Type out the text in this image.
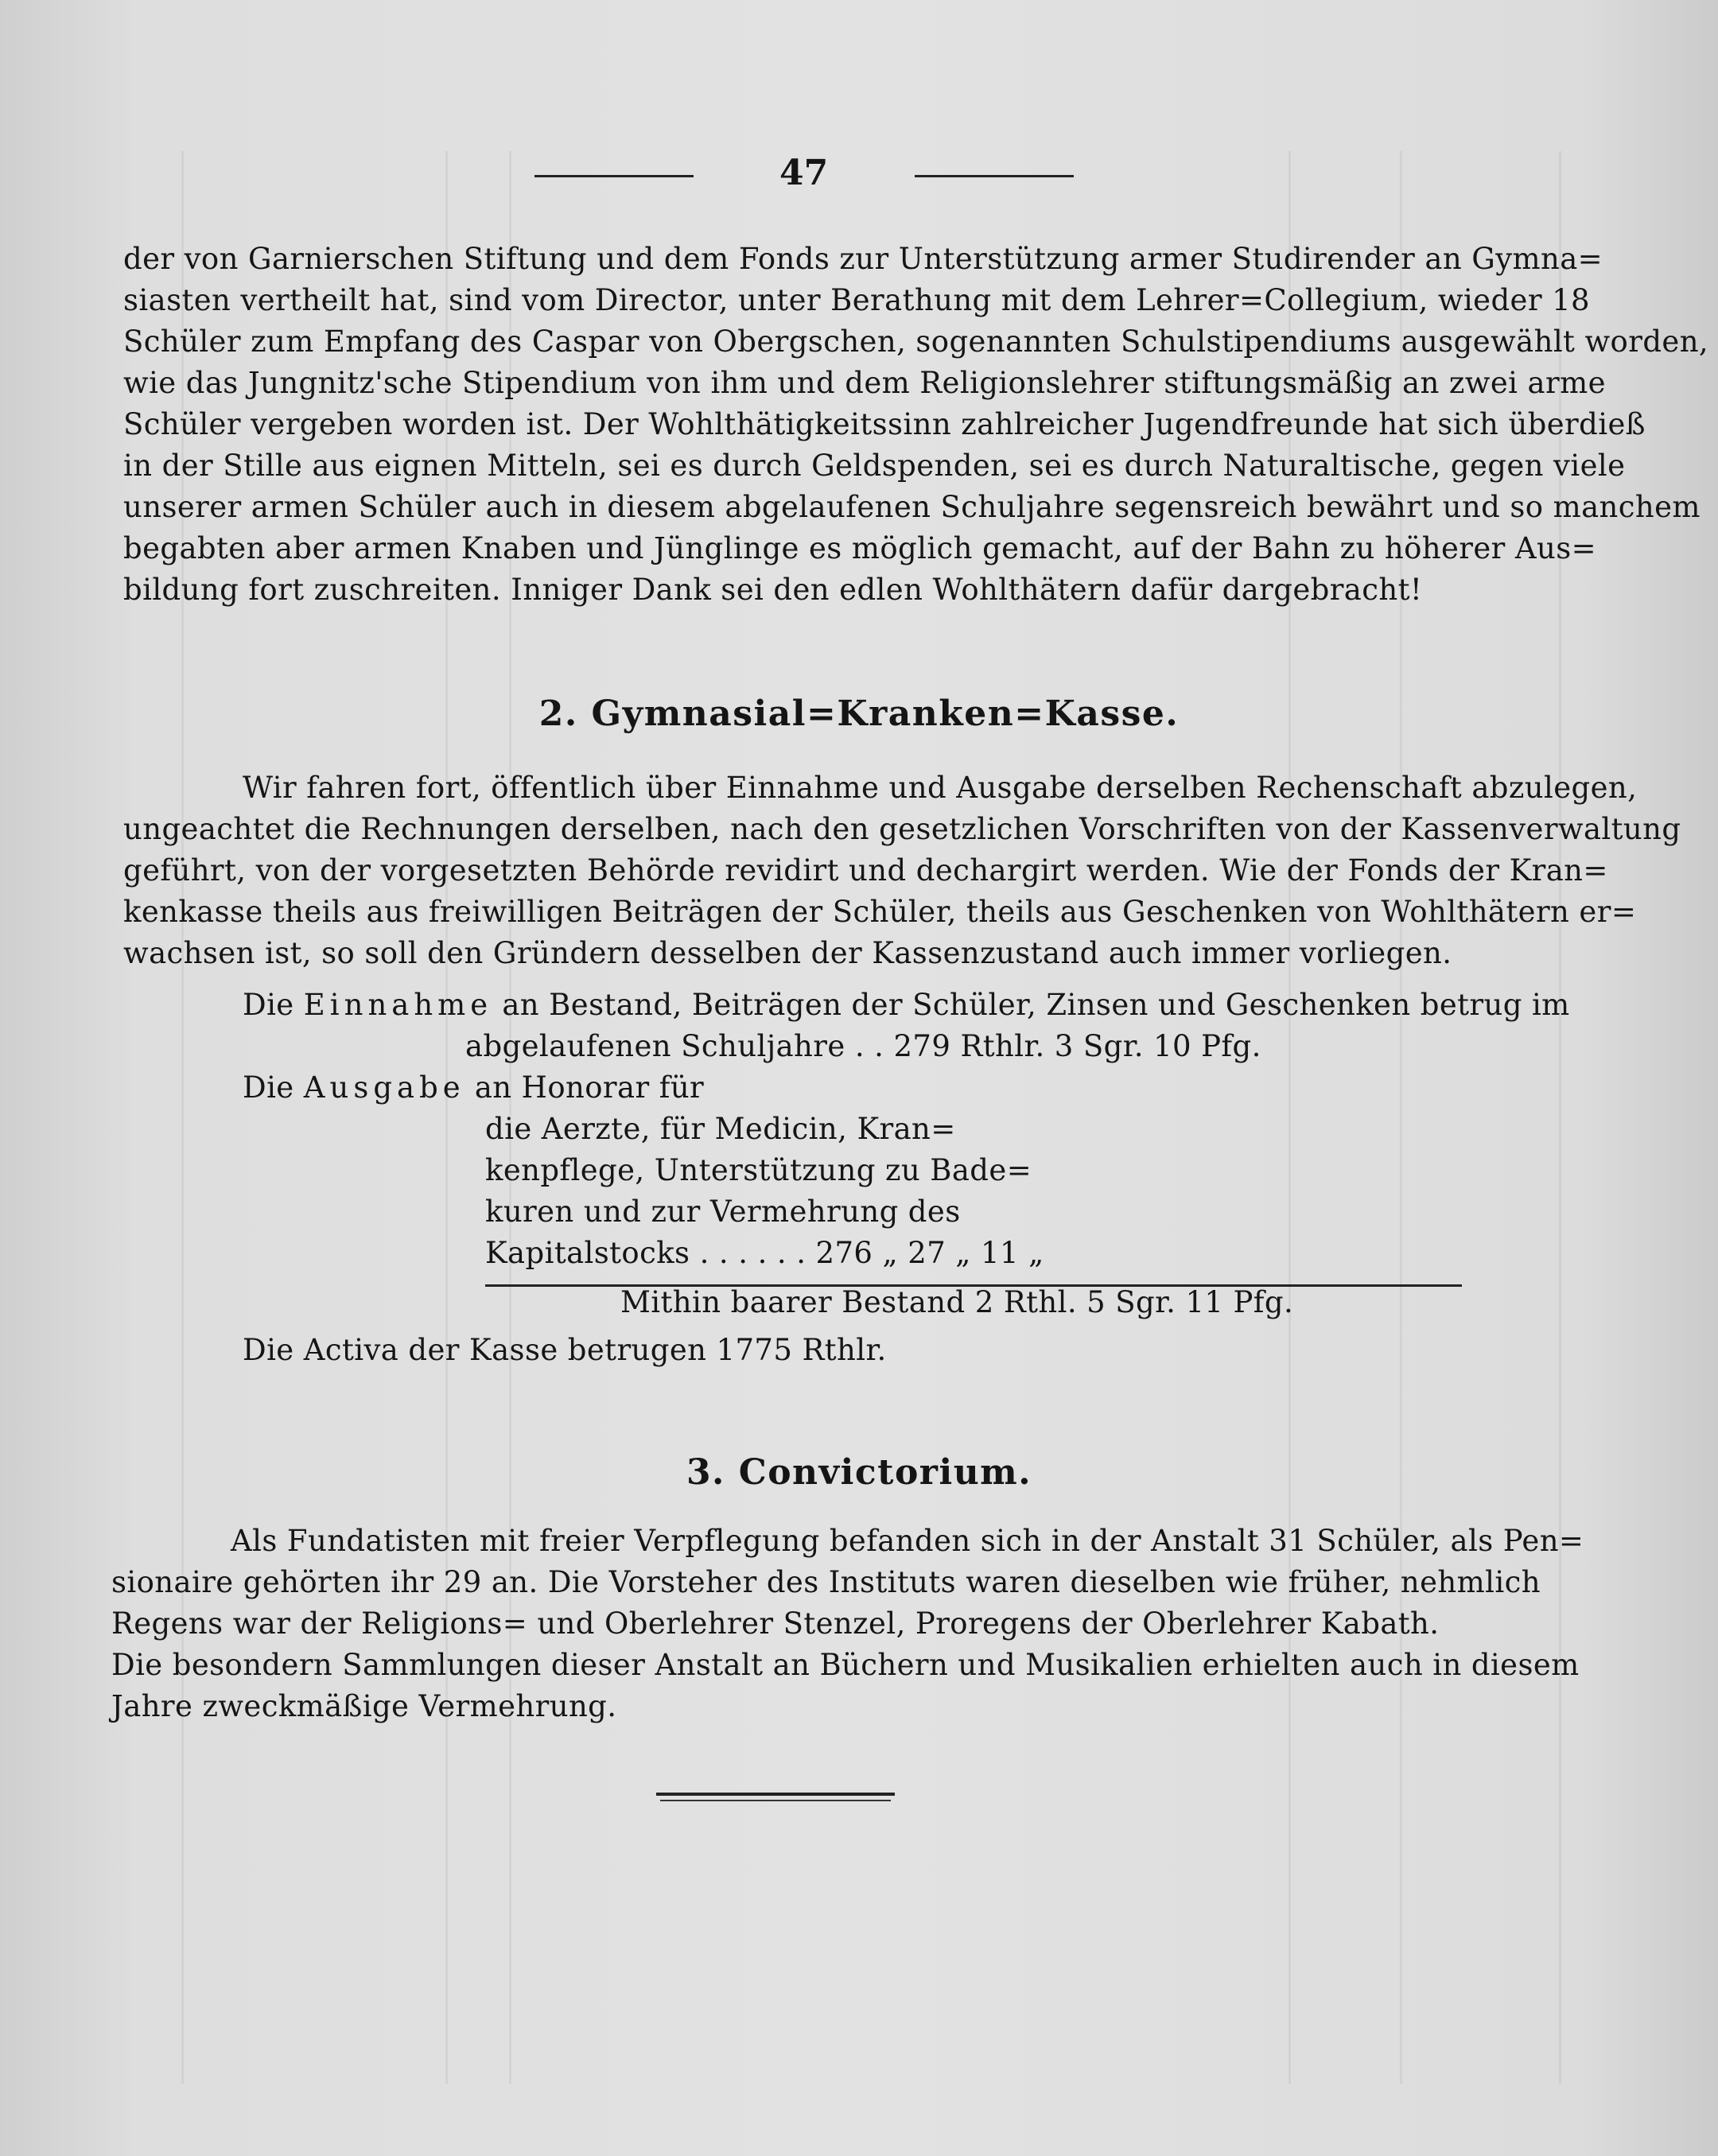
47
der von Garnierschen Stiftung und dem Fonds zur Unterstützung armer Studirender an Gymna=
siasten vertheilt hat, sind vom Director, unter Berathung mit dem Lehrer=Collegium, wieder 18
Schüler zum Empfang des Caspar von Obergschen, sogenannten Schulstipendiums ausgewählt worden,
wie das Jungnitz'sche Stipendium von ihm und dem Religionslehrer stiftungsmäßig an zwei arme
Schüler vergeben worden ist. Der Wohlthätigkeitssinn zahlreicher Jugendfreunde hat sich überdieß
in der Stille aus eignen Mitteln, sei es durch Geldspenden, sei es durch Naturaltische, gegen viele
unserer armen Schüler auch in diesem abgelaufenen Schuljahre segensreich bewährt und so manchem
begabten aber armen Knaben und Jünglinge es möglich gemacht, auf der Bahn zu höherer Aus=
bildung fort zuschreiten. Inniger Dank sei den edlen Wohlthätern dafür dargebracht!
2. Gymnasial=Kranken=Kasse.
Wir fahren fort, öffentlich über Einnahme und Ausgabe derselben Rechenschaft abzulegen,
ungeachtet die Rechnungen derselben, nach den gesetzlichen Vorschriften von der Kassenverwaltung
geführt, von der vorgesetzten Behörde revidirt und dechargirt werden. Wie der Fonds der Kran=
kenkasse theils aus freiwilligen Beiträgen der Schüler, theils aus Geschenken von Wohlthätern er=
wachsen ist, so soll den Gründern desselben der Kassenzustand auch immer vorliegen.
Die Einnahme an Bestand, Beiträgen der Schüler, Zinsen und Geschenken betrug im
abgelaufenen Schuljahre . . 279 Rthlr. 3 Sgr. 10 Pfg.
Die Ausgabe an Honorar für
die Aerzte, für Medicin, Kran=
kenpflege, Unterstützung zu Bade=
kuren und zur Vermehrung des
Kapitalstocks . . . . . . 276 „ 27 „ 11 „
Mithin baarer Bestand 2 Rthl. 5 Sgr. 11 Pfg.
Die Activa der Kasse betrugen 1775 Rthlr.
3. Convictorium.
Als Fundatisten mit freier Verpflegung befanden sich in der Anstalt 31 Schüler, als Pen=
sionaire gehörten ihr 29 an. Die Vorsteher des Instituts waren dieselben wie früher, nehmlich
Regens war der Religions= und Oberlehrer Stenzel, Proregens der Oberlehrer Kabath.
Die besondern Sammlungen dieser Anstalt an Büchern und Musikalien erhielten auch in diesem
Jahre zweckmäßige Vermehrung.
